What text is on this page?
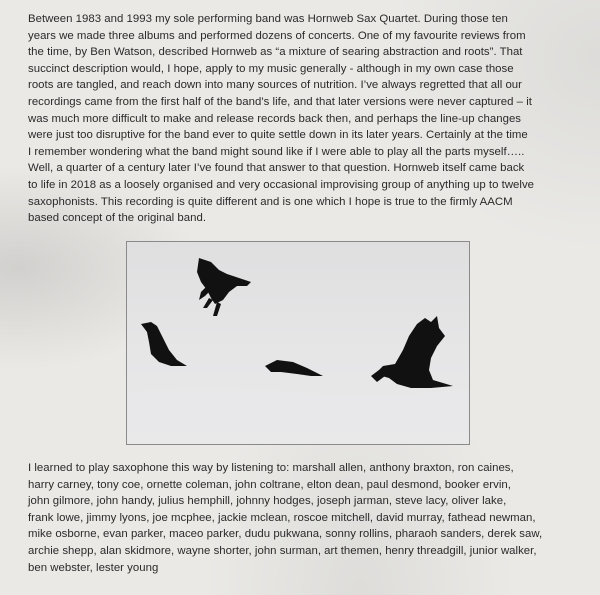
Between 1983 and 1993 my sole performing band was Hornweb Sax Quartet. During those ten
years we made three albums and performed dozens of concerts. One of my favourite reviews from
the time, by Ben Watson, described Hornweb as “a mixture of searing abstraction and roots”. That
succinct description would, I hope, apply to my music generally - although in my own case those
roots are tangled, and reach down into many sources of nutrition. I’ve always regretted that all our
recordings came from the first half of the band’s life, and that later versions were never captured – it
was much more difficult to make and release records back then, and perhaps the line-up changes
were just too disruptive for the band ever to quite settle down in its later years. Certainly at the time
I remember wondering what the band might sound like if I were able to play all the parts myself…..
Well, a quarter of a century later I’ve found that answer to that question. Hornweb itself came back
to life in 2018 as a loosely organised and very occasional improvising group of anything up to twelve
saxophonists. This recording is quite different and is one which I hope is true to the firmly AACM
based concept of the original band.

I learned to play saxophone this way by listening to: marshall allen, anthony braxton, ron caines,
harry carney, tony coe, ornette coleman, john coltrane, elton dean, paul desmond, booker ervin,
john gilmore, john handy, julius hemphill, johnny hodges, joseph jarman, steve lacy, oliver lake,
frank lowe, jimmy lyons, joe mcphee, jackie mclean, roscoe mitchell, david murray, fathead newman,
mike osborne, evan parker, maceo parker, dudu pukwana, sonny rollins, pharaoh sanders, derek saw,
archie shepp, alan skidmore, wayne shorter, john surman, art themen, henry threadgill, junior walker,
ben webster, lester young
